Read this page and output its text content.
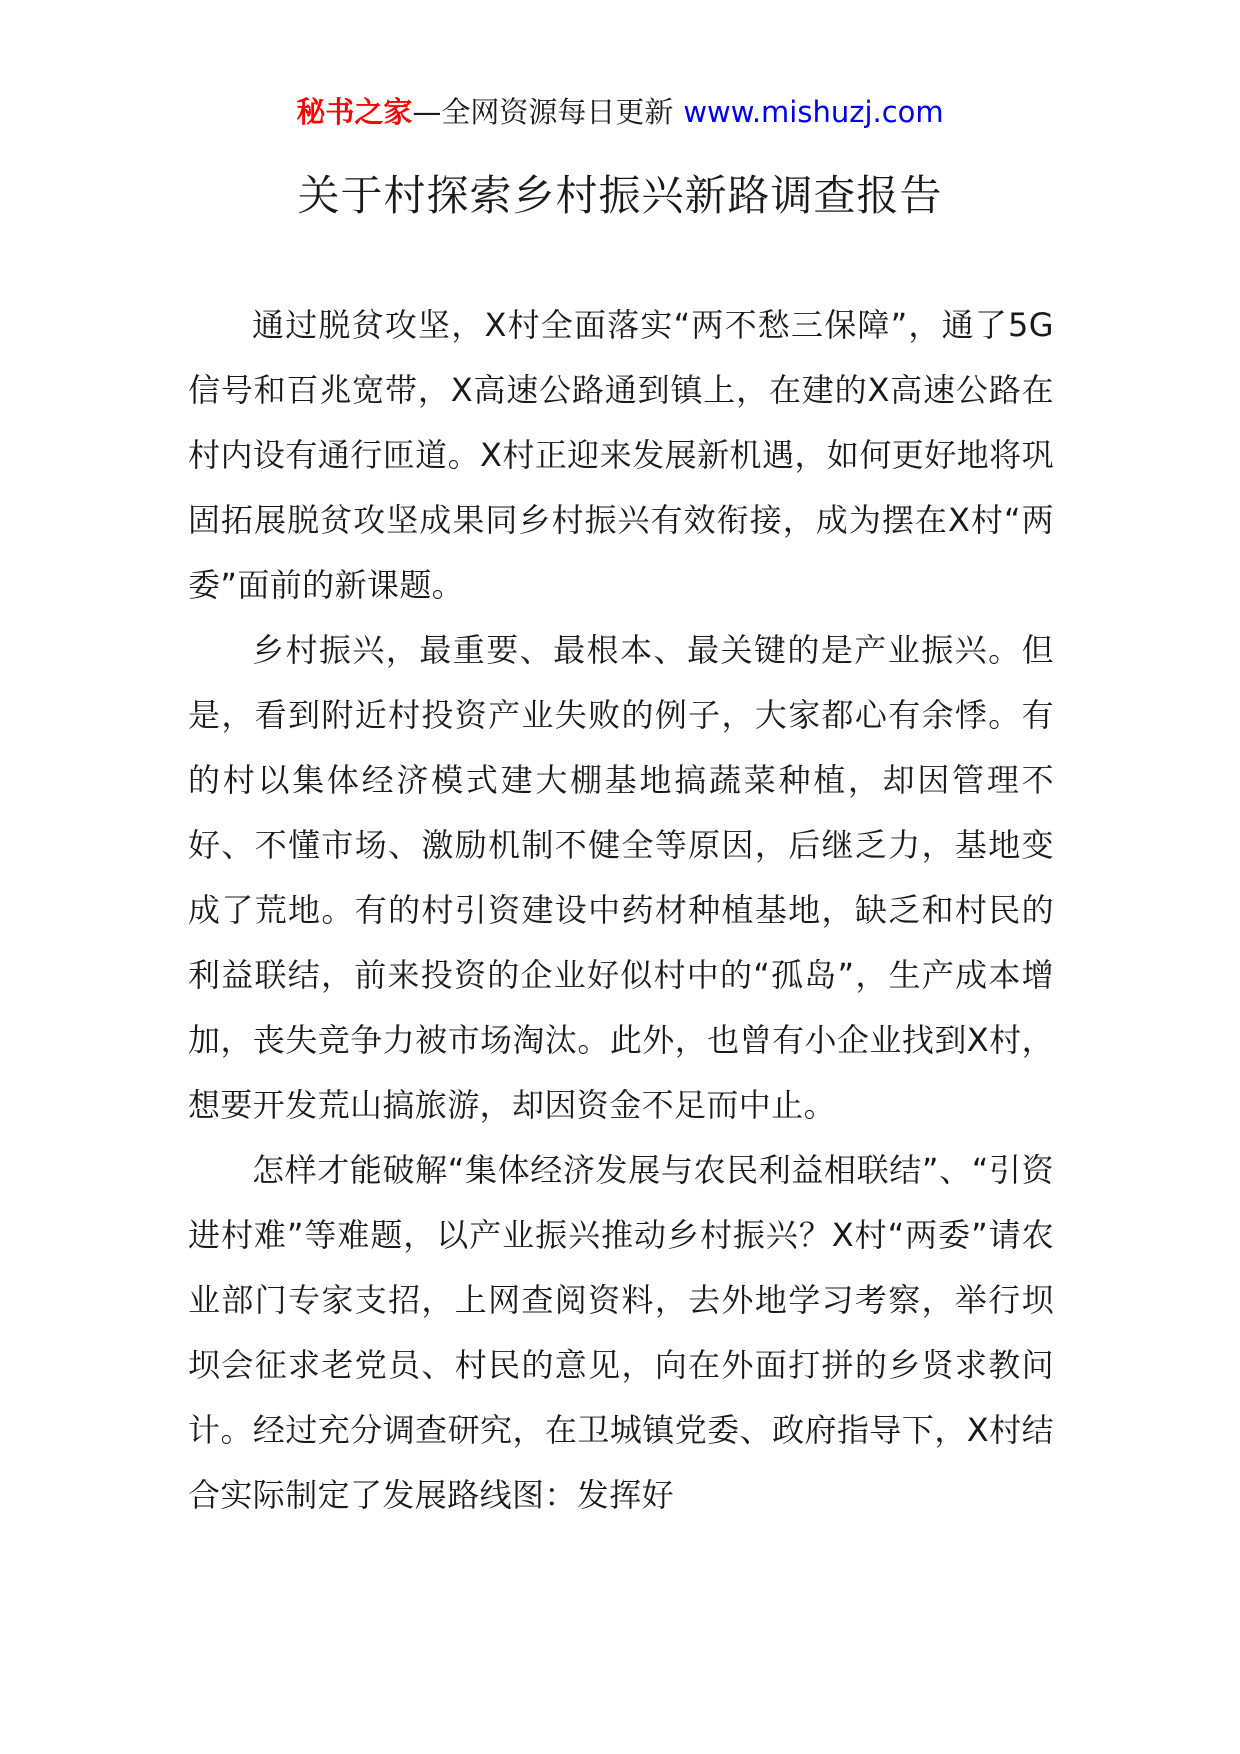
秘书之家—全网资源每日更新 www.mishuzj.com
关于村探索乡村振兴新路调查报告

通过脱贫攻坚，X村全面落实“两不愁三保障”，通了5G信号和百兆宽带，X高速公路通到镇上，在建的X高速公路在村内设有通行匝道。X村正迎来发展新机遇，如何更好地将巩固拓展脱贫攻坚成果同乡村振兴有效衔接，成为摆在X村“两委”面前的新课题。

乡村振兴，最重要、最根本、最关键的是产业振兴。但是，看到附近村投资产业失败的例子，大家都心有余悸。有的村以集体经济模式建大棚基地搞蔬菜种植，却因管理不好、不懂市场、激励机制不健全等原因，后继乏力，基地变成了荒地。有的村引资建设中药材种植基地，缺乏和村民的利益联结，前来投资的企业好似村中的“孤岛”，生产成本增加，丧失竞争力被市场淘汰。此外，也曾有小企业找到X村，想要开发荒山搞旅游，却因资金不足而中止。

怎样才能破解“集体经济发展与农民利益相联结”、“引资进村难”等难题，以产业振兴推动乡村振兴？X村“两委”请农业部门专家支招，上网查阅资料，去外地学习考察，举行坝坝会征求老党员、村民的意见，向在外面打拼的乡贤求教问计。经过充分调查研究，在卫城镇党委、政府指导下，X村结合实际制定了发展路线图：发挥好
